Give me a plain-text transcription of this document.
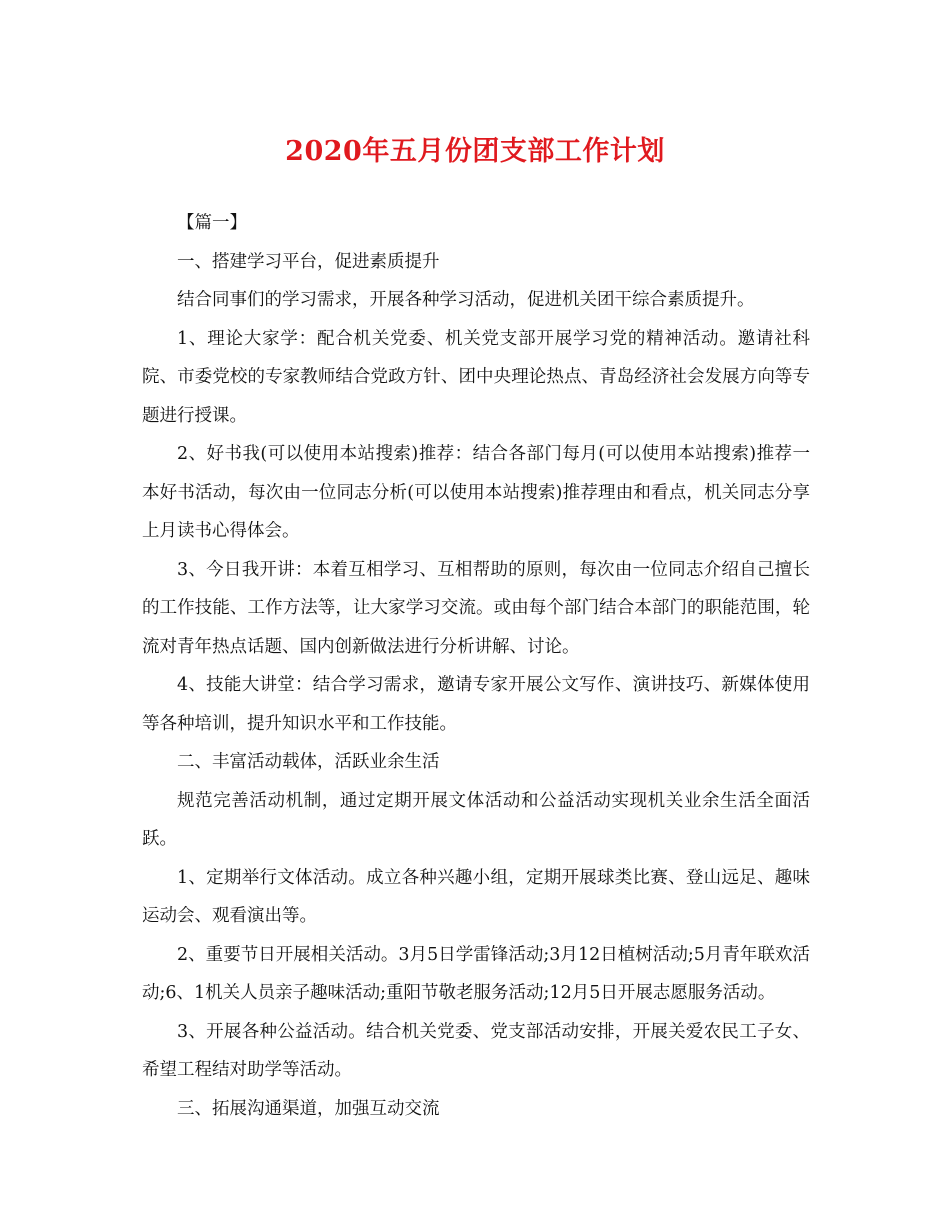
2020年五月份团支部工作计划

【篇一】

一、搭建学习平台，促进素质提升

结合同事们的学习需求，开展各种学习活动，促进机关团干综合素质提升。

1、理论大家学：配合机关党委、机关党支部开展学习党的精神活动。邀请社科院、市委党校的专家教师结合党政方针、团中央理论热点、青岛经济社会发展方向等专题进行授课。

2、好书我(可以使用本站搜索)推荐：结合各部门每月(可以使用本站搜索)推荐一本好书活动，每次由一位同志分析(可以使用本站搜索)推荐理由和看点，机关同志分享上月读书心得体会。

3、今日我开讲：本着互相学习、互相帮助的原则，每次由一位同志介绍自己擅长的工作技能、工作方法等，让大家学习交流。或由每个部门结合本部门的职能范围，轮流对青年热点话题、国内创新做法进行分析讲解、讨论。

4、技能大讲堂：结合学习需求，邀请专家开展公文写作、演讲技巧、新媒体使用等各种培训，提升知识水平和工作技能。

二、丰富活动载体，活跃业余生活

规范完善活动机制，通过定期开展文体活动和公益活动实现机关业余生活全面活跃。

1、定期举行文体活动。成立各种兴趣小组，定期开展球类比赛、登山远足、趣味运动会、观看演出等。

2、重要节日开展相关活动。3月5日学雷锋活动;3月12日植树活动;5月青年联欢活动;6、1机关人员亲子趣味活动;重阳节敬老服务活动;12月5日开展志愿服务活动。

3、开展各种公益活动。结合机关党委、党支部活动安排，开展关爱农民工子女、希望工程结对助学等活动。

三、拓展沟通渠道，加强互动交流
